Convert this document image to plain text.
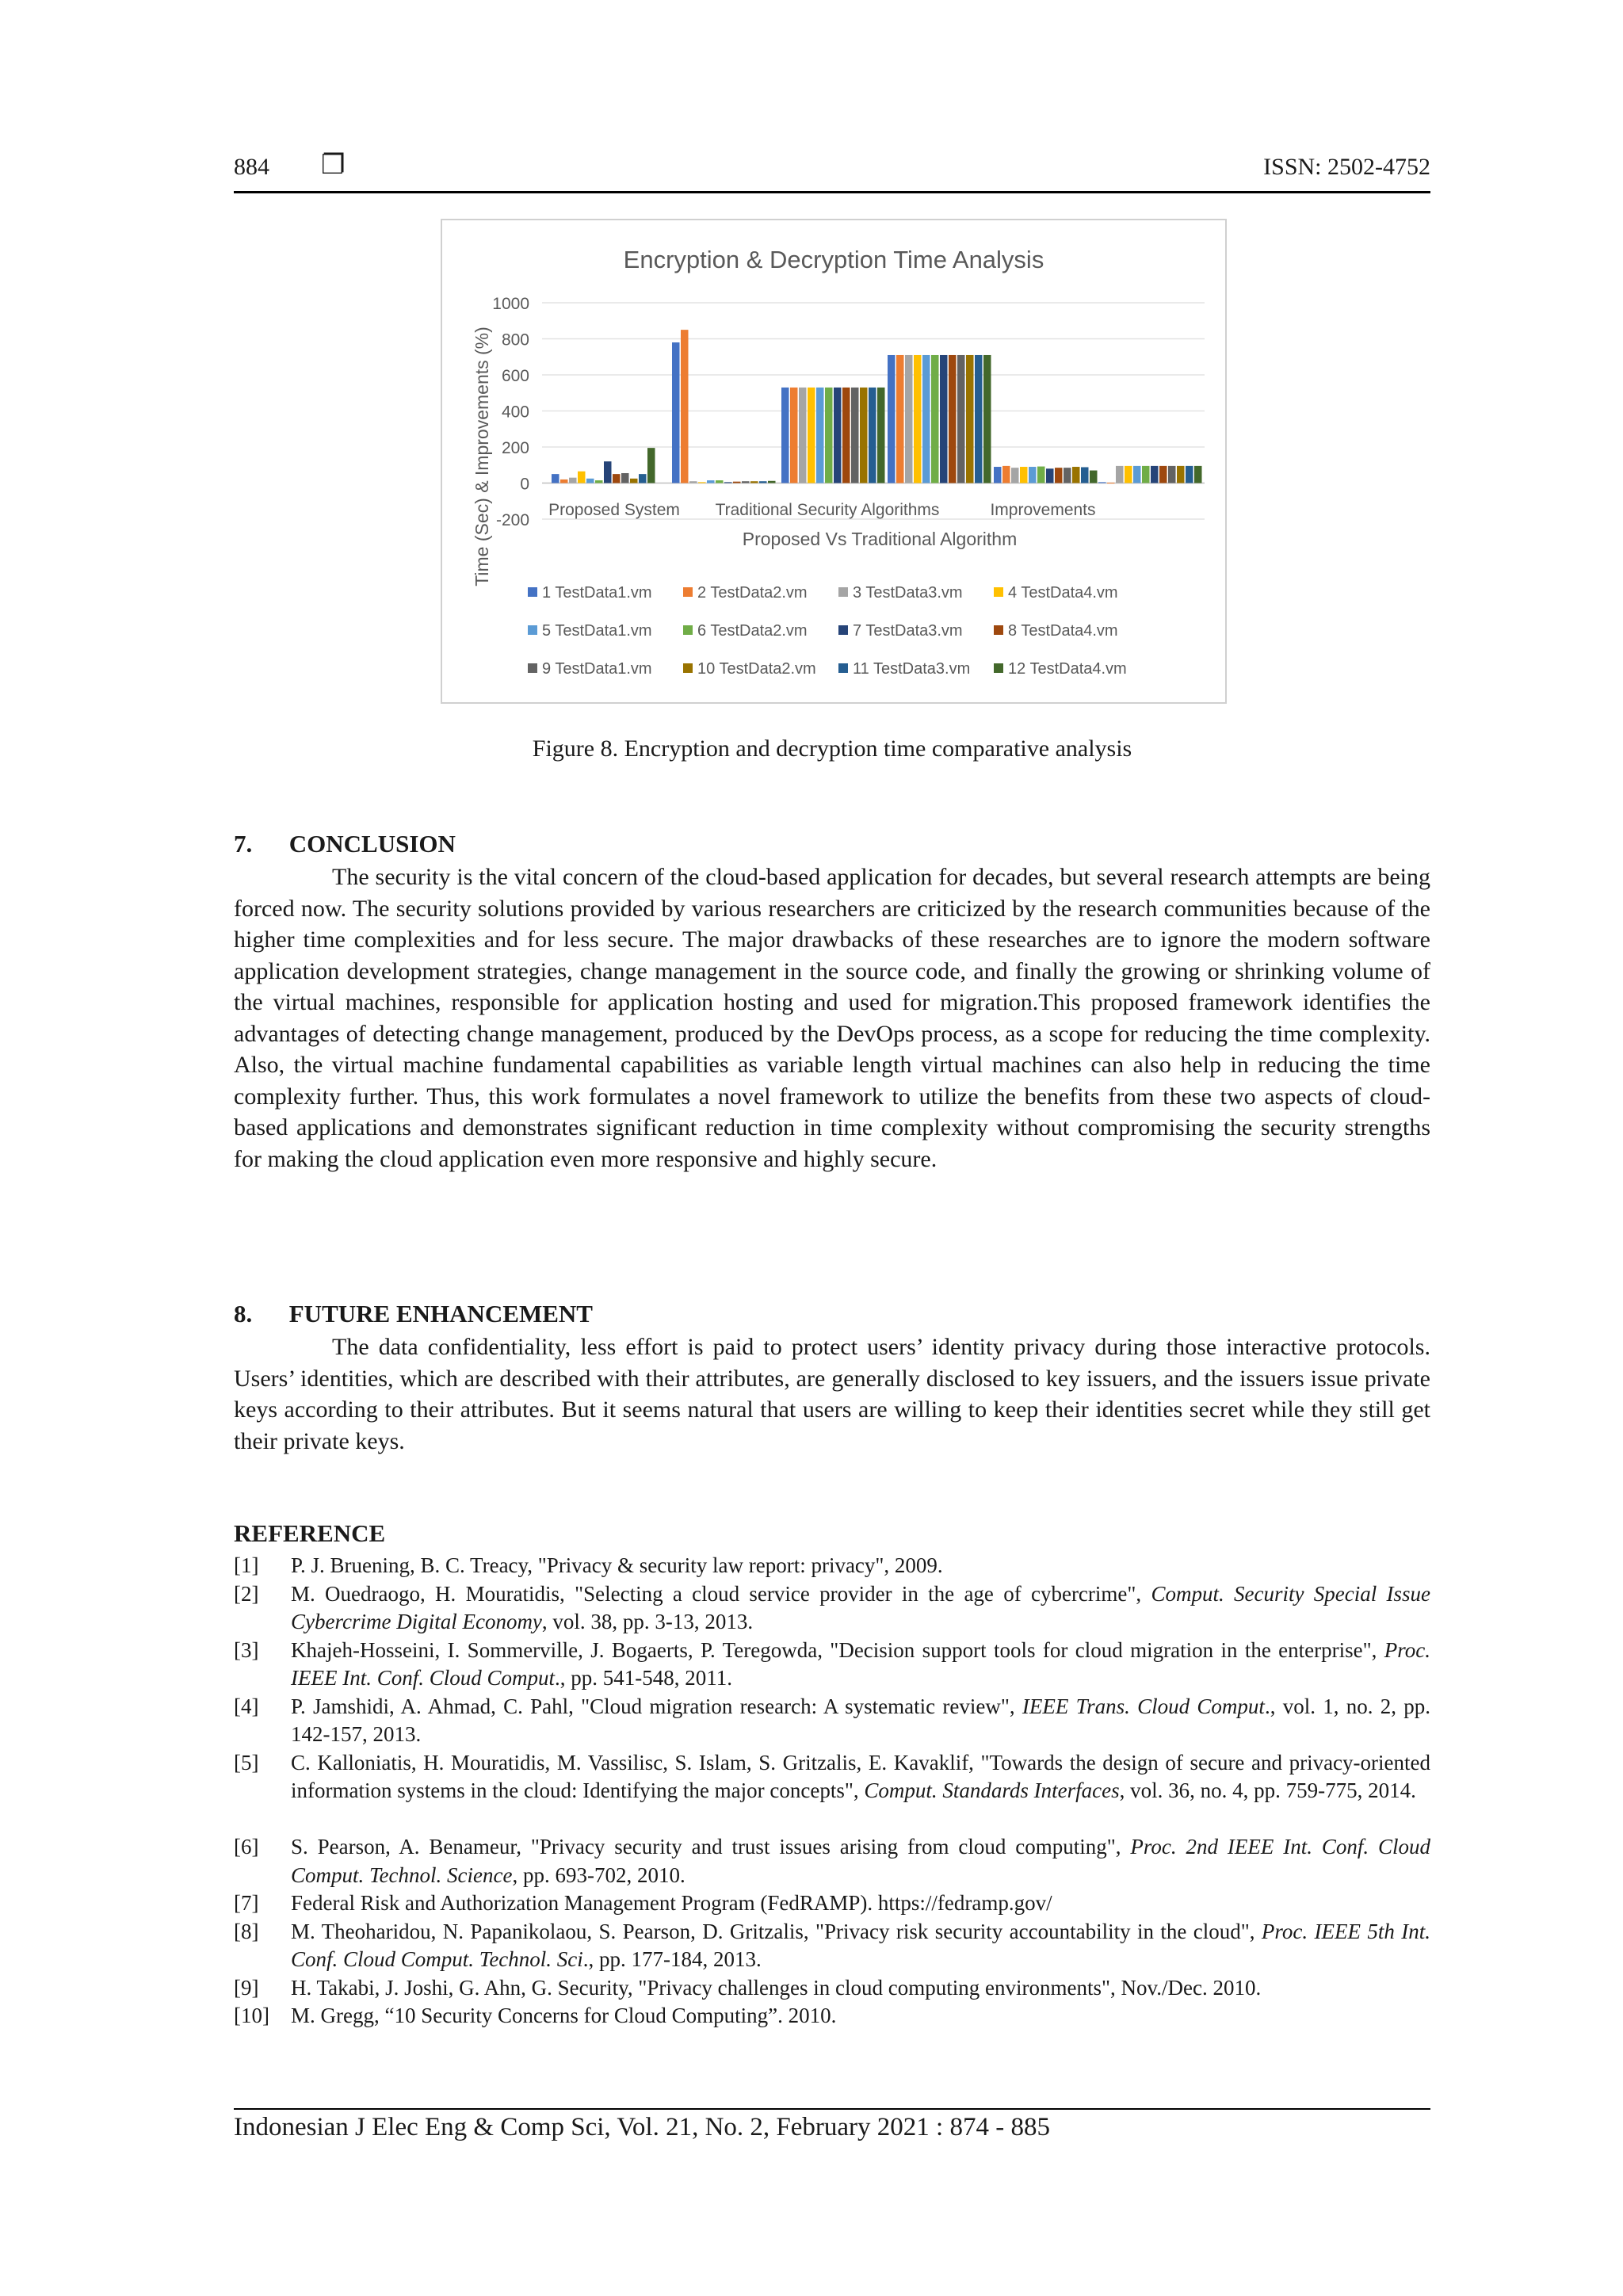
884 ❐	ISSN: 2502-4752
Encryption & Decryption Time Analysis
1000
800
600
400
200
0
-200
Proposed System Traditional Security Algorithms	Improvements
Proposed Vs Traditional Algorithm
Time (Sec) & Improvements (%)
1 TestData1.vm	2 TestData2.vm	3 TestData3.vm	4 TestData4.vm
5 TestData1.vm	6 TestData2.vm	7 TestData3.vm	8 TestData4.vm
9 TestData1.vm	10 TestData2.vm 11 TestData3.vm 12 TestData4.vm
Figure 8. Encryption and decryption time comparative analysis
7.  CONCLUSION
The security is the vital concern of the cloud-based application for decades, but several research attempts are being forced now. The security solutions provided by various researchers are criticized by the research communities because of the higher time complexities and for less secure. The major drawbacks of these researches are to ignore the modern software application development strategies, change management in the source code, and finally the growing or shrinking volume of the virtual machines, responsible for application hosting and used for migration.This proposed framework identifies the advantages of detecting change management, produced by the DevOps process, as a scope for reducing the time complexity. Also, the virtual machine fundamental capabilities as variable length virtual machines can also help in reducing the time complexity further. Thus, this work formulates a novel framework to utilize the benefits from these two aspects of cloud-based applications and demonstrates significant reduction in time complexity without compromising the security strengths for making the cloud application even more responsive and highly secure.
8.  FUTURE ENHANCEMENT
The data confidentiality, less effort is paid to protect users’ identity privacy during those interactive protocols. Users’ identities, which are described with their attributes, are generally disclosed to key issuers, and the issuers issue private keys according to their attributes. But it seems natural that users are willing to keep their identities secret while they still get their private keys.
REFERENCE
[1] P. J. Bruening, B. C. Treacy, "Privacy & security law report: privacy", 2009.
[2] M. Ouedraogo, H. Mouratidis, "Selecting a cloud service provider in the age of cybercrime", Comput. Security Special Issue Cybercrime Digital Economy, vol. 38, pp. 3-13, 2013.
[3] Khajeh-Hosseini, I. Sommerville, J. Bogaerts, P. Teregowda, "Decision support tools for cloud migration in the enterprise", Proc. IEEE Int. Conf. Cloud Comput., pp. 541-548, 2011.
[4] P. Jamshidi, A. Ahmad, C. Pahl, "Cloud migration research: A systematic review", IEEE Trans. Cloud Comput., vol. 1, no. 2, pp. 142-157, 2013.
[5] C. Kalloniatis, H. Mouratidis, M. Vassilisc, S. Islam, S. Gritzalis, E. Kavaklif, "Towards the design of secure and privacy-oriented information systems in the cloud: Identifying the major concepts", Comput. Standards Interfaces, vol. 36, no. 4, pp. 759-775, 2014.
[6] S. Pearson, A. Benameur, "Privacy security and trust issues arising from cloud computing", Proc. 2nd IEEE Int. Conf. Cloud Comput. Technol. Science, pp. 693-702, 2010.
[7] Federal Risk and Authorization Management Program (FedRAMP). https://fedramp.gov/
[8] M. Theoharidou, N. Papanikolaou, S. Pearson, D. Gritzalis, "Privacy risk security accountability in the cloud", Proc. IEEE 5th Int. Conf. Cloud Comput. Technol. Sci., pp. 177-184, 2013.
[9] H. Takabi, J. Joshi, G. Ahn, G. Security, "Privacy challenges in cloud computing environments", Nov./Dec. 2010.
[10] M. Gregg, “10 Security Concerns for Cloud Computing”. 2010.
Indonesian J Elec Eng & Comp Sci, Vol. 21, No. 2, February 2021 : 874 - 885
